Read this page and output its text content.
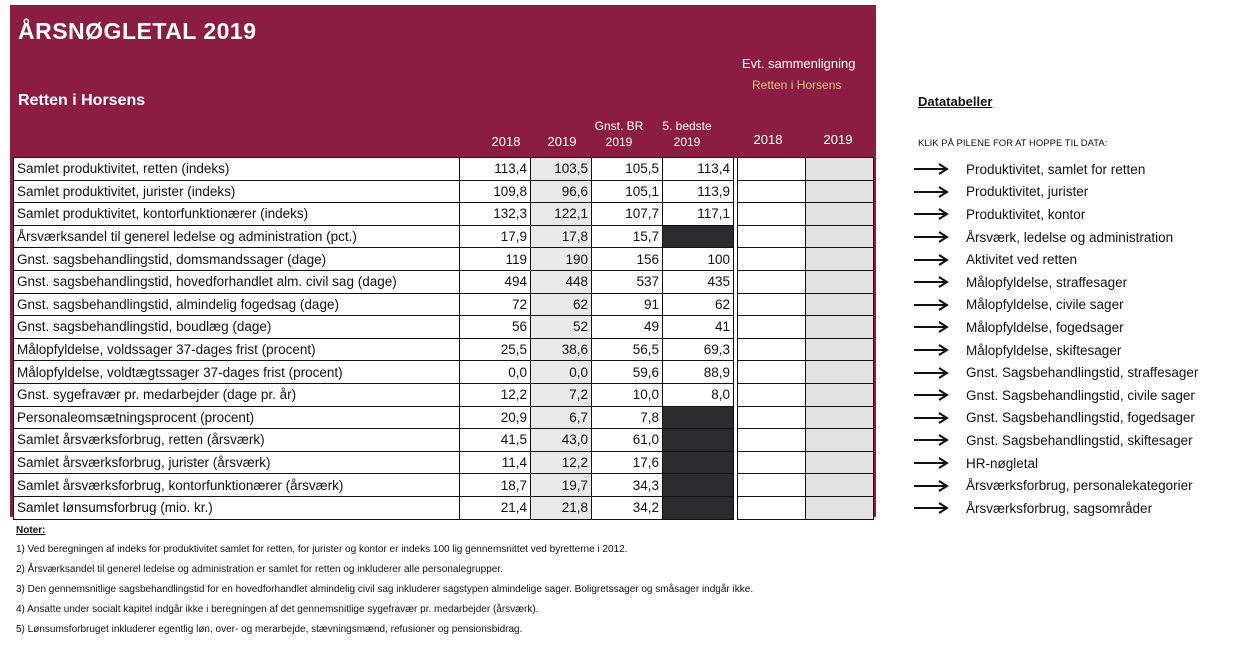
ÅRSNØGLETAL 2019
Retten i Horsens
Evt. sammenligning
Retten i Horsens
2018	2019
Gnst. BR
2019
5. bedste
2019	2018	2019
Samlet produktivitet, retten (indeks)	113,4	103,5	105,5	113,4			
Samlet produktivitet, jurister (indeks)	109,8	96,6	105,1	113,9			
Samlet produktivitet, kontorfunktionærer (indeks)	132,3	122,1	107,7	117,1			
Årsværksandel til generel ledelse og administration (pct.)	17,9	17,8	15,7				
Gnst. sagsbehandlingstid, domsmandssager (dage)	119	190	156	100			
Gnst. sagsbehandlingstid, hovedforhandlet alm. civil sag (dage)	494	448	537	435			
Gnst. sagsbehandlingstid, almindelig fogedsag (dage)	72	62	91	62			
Gnst. sagsbehandlingstid, boudlæg (dage)	56	52	49	41			
Målopfyldelse, voldssager 37-dages frist (procent)	25,5	38,6	56,5	69,3			
Målopfyldelse, voldtægtssager 37-dages frist (procent)	0,0	0,0	59,6	88,9			
Gnst. sygefravær pr. medarbejder (dage pr. år)	12,2	7,2	10,0	8,0			
Personaleomsætningsprocent (procent)	20,9	6,7	7,8				
Samlet årsværksforbrug, retten (årsværk)	41,5	43,0	61,0				
Samlet årsværksforbrug, jurister (årsværk)	11,4	12,2	17,6				
Samlet årsværksforbrug, kontorfunktionærer (årsværk)	18,7	19,7	34,3				
Samlet lønsumsforbrug (mio. kr.)	21,4	21,8	34,2				
Noter:
1) Ved beregningen af indeks for produktivitet samlet for retten, for jurister og kontor er indeks 100 lig gennemsnittet ved byretterne i 2012.
2) Årsværksandel til generel ledelse og administration er samlet for retten og inkluderer alle personalegrupper.
3) Den gennemsnitlige sagsbehandlingstid for en hovedforhandlet almindelig civil sag inkluderer sagstypen almindelige sager. Boligretssager og småsager indgår ikke.
4) Ansatte under socialt kapitel indgår ikke i beregningen af det gennemsnitlige sygefravær pr. medarbejder (årsværk).
5) Lønsumsforbruget inkluderer egentlig løn, over- og merarbejde, stævningsmænd, refusioner og pensionsbidrag.
Datatabeller
KLIK PÅ PILENE FOR AT HOPPE TIL DATA:
Produktivitet, samlet for retten
Produktivitet, jurister
Produktivitet, kontor
Årsværk, ledelse og administration
Aktivitet ved retten
Målopfyldelse, straffesager
Målopfyldelse, civile sager
Målopfyldelse, fogedsager
Målopfyldelse, skiftesager
Gnst. Sagsbehandlingstid, straffesager
Gnst. Sagsbehandlingstid, civile sager
Gnst. Sagsbehandlingstid, fogedsager
Gnst. Sagsbehandlingstid, skiftesager
HR-nøgletal
Årsværksforbrug, personalekategorier
Årsværksforbrug, sagsområder
